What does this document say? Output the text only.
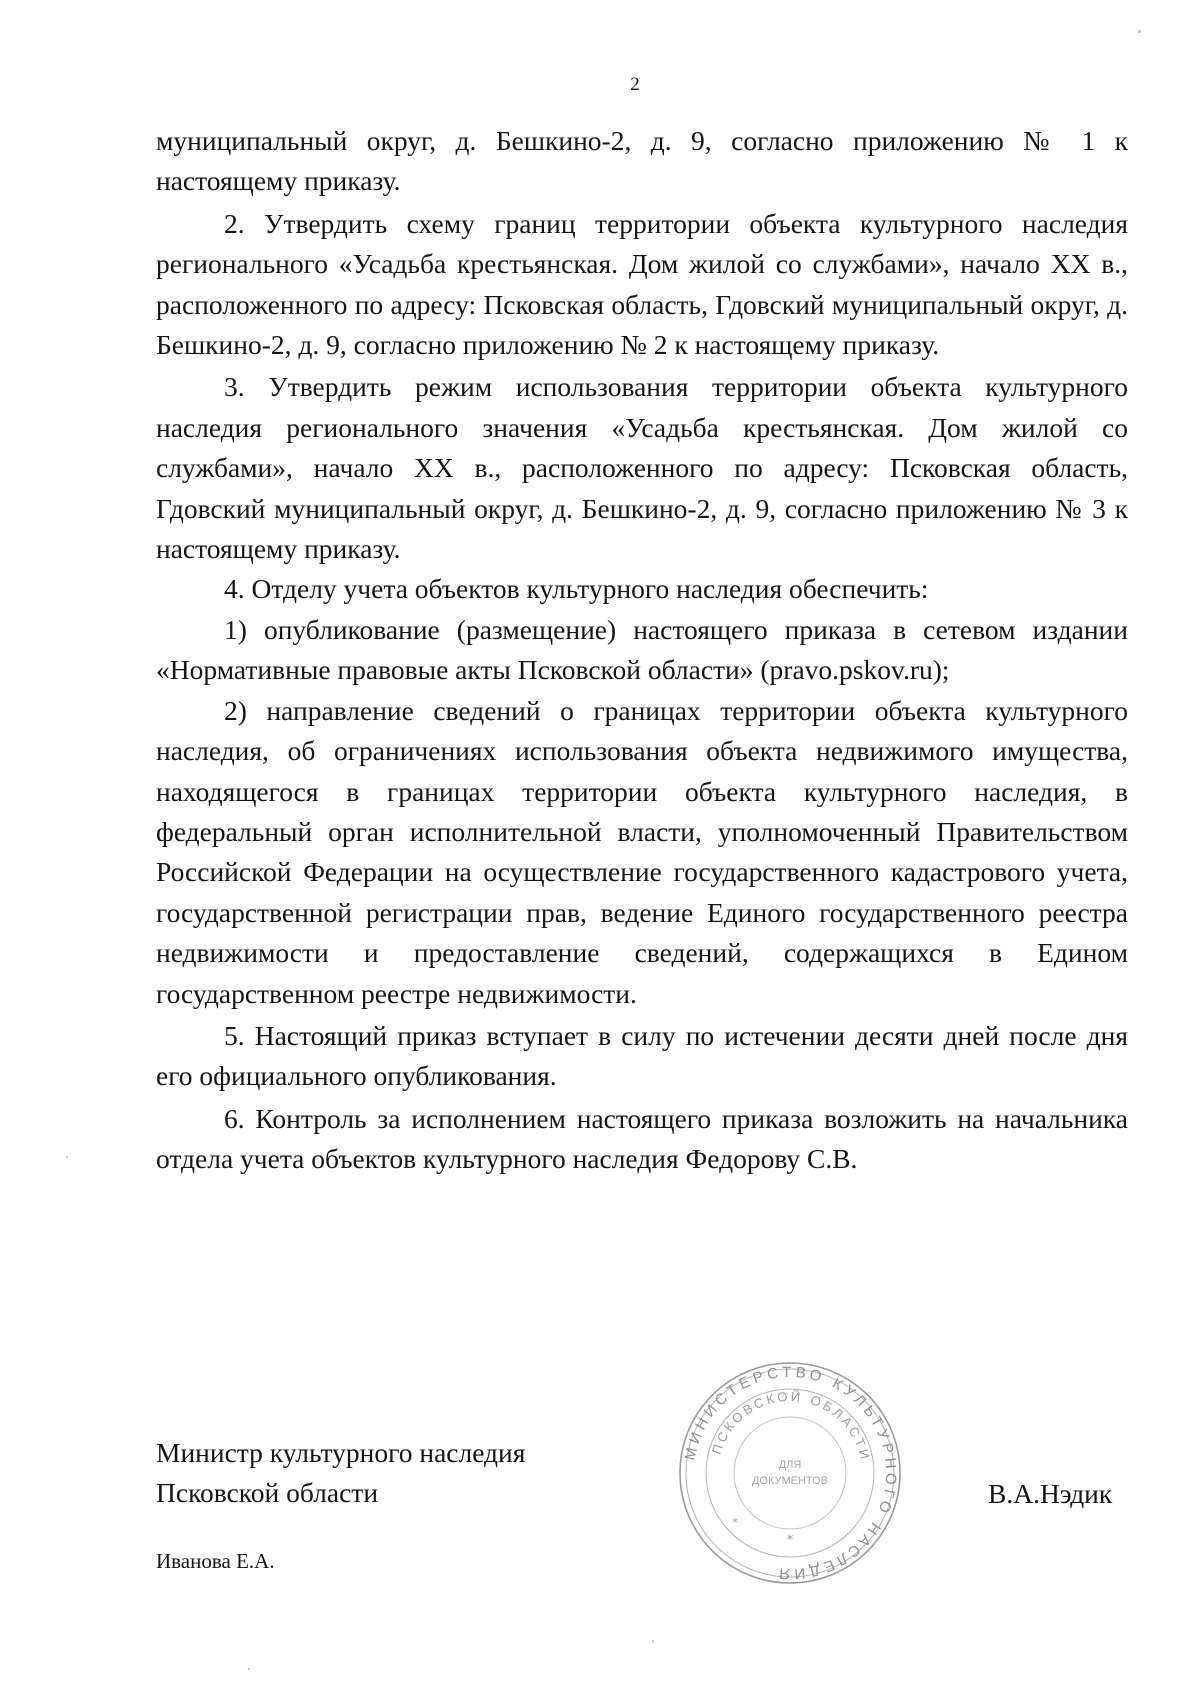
2

муниципальный округ, д. Бешкино-2, д. 9, согласно приложению № 1 к настоящему приказу.

2. Утвердить схему границ территории объекта культурного наследия регионального «Усадьба крестьянская. Дом жилой со службами», начало XX в., расположенного по адресу: Псковская область, Гдовский муниципальный округ, д. Бешкино-2, д. 9, согласно приложению № 2 к настоящему приказу.

3. Утвердить режим использования территории объекта культурного наследия регионального значения «Усадьба крестьянская. Дом жилой со службами», начало XX в., расположенного по адресу: Псковская область, Гдовский муниципальный округ, д. Бешкино-2, д. 9, согласно приложению № 3 к настоящему приказу.

4. Отделу учета объектов культурного наследия обеспечить:

1) опубликование (размещение) настоящего приказа в сетевом издании «Нормативные правовые акты Псковской области» (pravo.pskov.ru);

2) направление сведений о границах территории объекта культурного наследия, об ограничениях использования объекта недвижимого имущества, находящегося в границах территории объекта культурного наследия, в федеральный орган исполнительной власти, уполномоченный Правительством Российской Федерации на осуществление государственного кадастрового учета, государственной регистрации прав, ведение Единого государственного реестра недвижимости и предоставление сведений, содержащихся в Едином государственном реестре недвижимости.

5. Настоящий приказ вступает в силу по истечении десяти дней после дня его официального опубликования.

6. Контроль за исполнением настоящего приказа возложить на начальника отдела учета объектов культурного наследия Федорову С.В.

Министр культурного наследия
Псковской области	В.А.Нэдик
МИНИСТЕРСТВО КУЛЬТУРНОГО НАСЛЕДИЯ
ПСКОВСКОЙ ОБЛАСТИ
ДЛЯ
ДОКУМЕНТОВ
*
*
Иванова Е.А.
